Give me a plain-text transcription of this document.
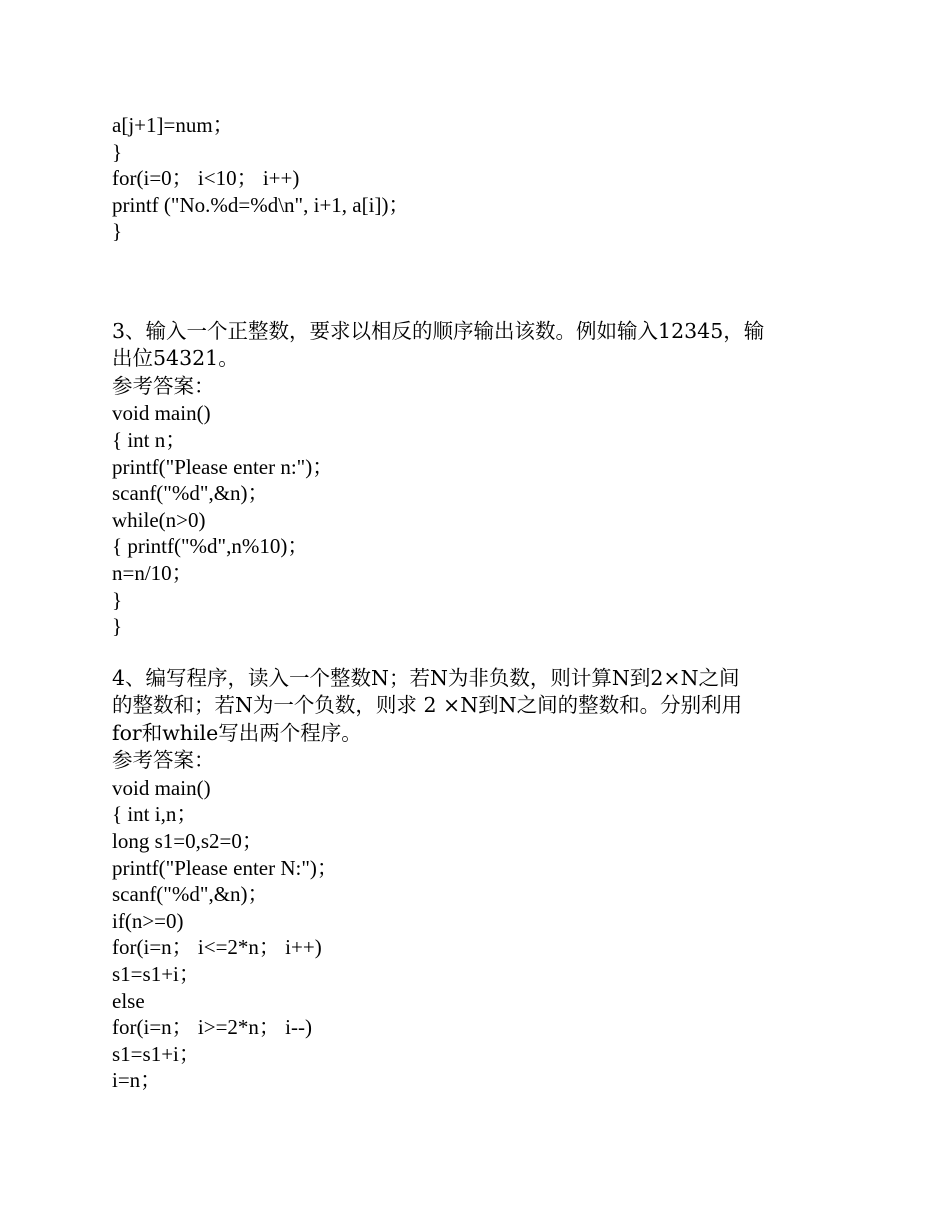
a[j+1]=num；

}

for(i=0； i<10； i++)

printf ("No.%d=%d\n", i+1, a[i])；

}

3、输入一个正整数，要求以相反的顺序输出该数。例如输入12345，输

出位54321。

参考答案：

void main()

{ int n；

printf("Please enter n:")；

scanf("%d",&n)；

while(n>0)

{ printf("%d",n%10)；

n=n/10；

}

}

4、编写程序，读入一个整数N；若N为非负数，则计算N到2×N之间

的整数和；若N为一个负数，则求 2 ×N到N之间的整数和。分别利用

for和while写出两个程序。

参考答案：

void main()

{ int i,n；

long s1=0,s2=0；

printf("Please enter N:")；

scanf("%d",&n)；

if(n>=0)

for(i=n； i<=2*n； i++)

s1=s1+i；

else

for(i=n； i>=2*n； i--)

s1=s1+i；

i=n；
